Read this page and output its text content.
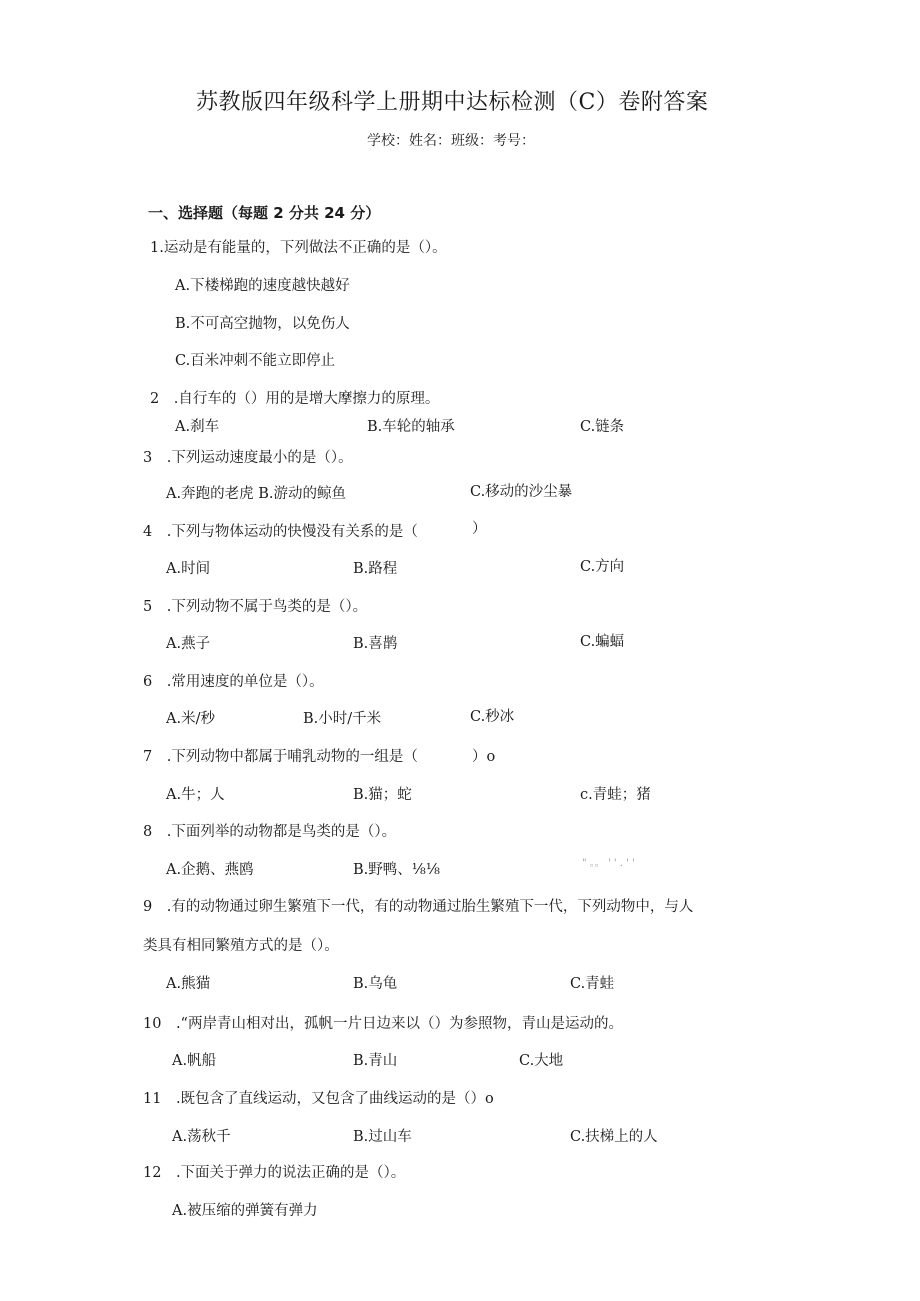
苏教版四年级科学上册期中达标检测（C）卷附答案
学校：姓名：班级：考号：
一、选择题（每题 2 分共 24 分）
1.运动是有能量的，下列做法不正确的是（）。
A.下楼梯跑的速度越快越好
B.不可高空抛物，以免伤人
C.百米冲刺不能立即停止
2　.自行车的（）用的是增大摩擦力的原理。
A.刹车	B.车轮的轴承	C.链条
3　.下列运动速度最小的是（）。
A.奔跑的老虎 B.游动的鲸鱼	C.移动的沙尘暴
4　.下列与物体运动的快慢没有关系的是（	）
A.时间	B.路程	C.方向
5　.下列动物不属于鸟类的是（）。
A.燕子	B.喜鹊	C.蝙蝠
6　.常用速度的单位是（）。
A.米/秒	B.小时/千米	C.秒冰
7　.下列动物中都属于哺乳动物的一组是（	）o
A.牛；人	B.猫；蛇	c.青蛙；猪
8　.下面列举的动物都是鸟类的是（）。
A.企鹅、燕鸥	B.野鸭、⅛⅛	" 。。 ' ' . ' '
9　.有的动物通过卵生繁殖下一代，有的动物通过胎生繁殖下一代，下列动物中，与人
类具有相同繁殖方式的是（）。
A.熊猫	B.乌龟	C.青蛙
10　.“两岸青山相对出，孤帆一片日边来以（）为参照物，青山是运动的。
A.帆船	B.青山	C.大地
11　.既包含了直线运动，又包含了曲线运动的是（）o
A.荡秋千	B.过山车	C.扶梯上的人
12　.下面关于弹力的说法正确的是（）。
A.被压缩的弹簧有弹力
